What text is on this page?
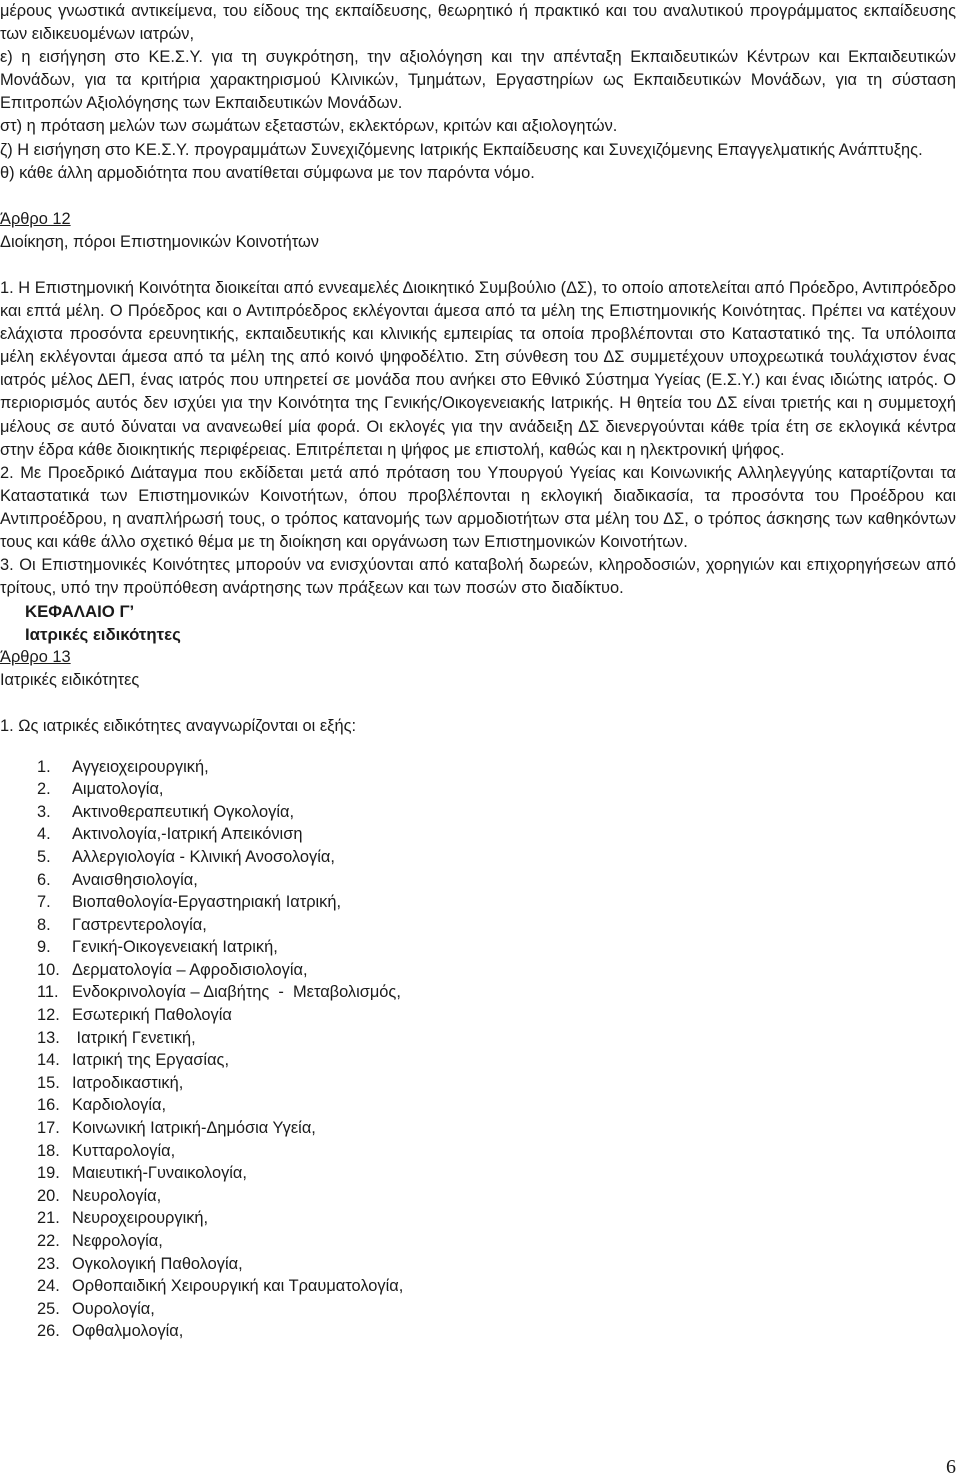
μέρους γνωστικά αντικείμενα, του είδους της εκπαίδευσης, θεωρητικό ή πρακτικό και του αναλυτικού προγράμματος εκπαίδευσης των ειδικευομένων ιατρών,

ε) η εισήγηση στο ΚΕ.Σ.Υ. για τη συγκρότηση, την αξιολόγηση και την απένταξη Εκπαιδευτικών Κέντρων και Εκπαιδευτικών Μονάδων, για τα κριτήρια χαρακτηρισμού Κλινικών, Τμημάτων, Εργαστηρίων ως Εκπαιδευτικών Μονάδων, για τη σύσταση Επιτροπών Αξιολόγησης των Εκπαιδευτικών Μονάδων.

στ) η πρόταση μελών των σωμάτων εξεταστών, εκλεκτόρων, κριτών και αξιολογητών.

ζ) Η εισήγηση στο ΚΕ.Σ.Υ. προγραμμάτων Συνεχιζόμενης Ιατρικής Εκπαίδευσης και Συνεχιζόμενης Επαγγελματικής Ανάπτυξης.

θ) κάθε άλλη αρμοδιότητα που ανατίθεται σύμφωνα με τον παρόντα νόμο.

Άρθρο 12

Διοίκηση, πόροι Επιστημονικών Κοινοτήτων

1. Η Επιστημονική Κοινότητα διοικείται από εννεαμελές Διοικητικό Συμβούλιο (ΔΣ), το οποίο αποτελείται από Πρόεδρο, Αντιπρόεδρο και επτά μέλη. Ο Πρόεδρος και ο Αντιπρόεδρος εκλέγονται άμεσα από τα μέλη της Επιστημονικής Κοινότητας. Πρέπει να κατέχουν ελάχιστα προσόντα ερευνητικής, εκπαιδευτικής και κλινικής εμπειρίας τα οποία προβλέπονται στο Καταστατικό της. Τα υπόλοιπα μέλη εκλέγονται άμεσα από τα μέλη της από κοινό ψηφοδέλτιο. Στη σύνθεση του ΔΣ συμμετέχουν υποχρεωτικά τουλάχιστον ένας ιατρός μέλος ΔΕΠ, ένας ιατρός που υπηρετεί σε μονάδα που ανήκει στο Εθνικό Σύστημα Υγείας (Ε.Σ.Υ.) και ένας ιδιώτης ιατρός. Ο περιορισμός αυτός δεν ισχύει για την Κοινότητα της Γενικής/Οικογενειακής Ιατρικής. Η θητεία του ΔΣ είναι τριετής και η συμμετοχή μέλους σε αυτό δύναται να ανανεωθεί μία φορά. Οι εκλογές για την ανάδειξη ΔΣ διενεργούνται κάθε τρία έτη σε εκλογικά κέντρα στην έδρα κάθε διοικητικής περιφέρειας. Επιτρέπεται η ψήφος με επιστολή, καθώς και η ηλεκτρονική ψήφος.

2. Με Προεδρικό Διάταγμα που εκδίδεται μετά από πρόταση του Υπουργού Υγείας και Κοινωνικής Αλληλεγγύης καταρτίζονται τα Καταστατικά των Επιστημονικών Κοινοτήτων, όπου προβλέπονται η εκλογική διαδικασία, τα προσόντα του Προέδρου και Αντιπροέδρου, η αναπλήρωσή τους, ο τρόπος κατανομής των αρμοδιοτήτων στα μέλη του ΔΣ, ο τρόπος άσκησης των καθηκόντων τους και κάθε άλλο σχετικό θέμα με τη διοίκηση και οργάνωση των Επιστημονικών Κοινοτήτων.

3. Οι Επιστημονικές Κοινότητες μπορούν να ενισχύονται από καταβολή δωρεών, κληροδοσιών, χορηγιών και επιχορηγήσεων από τρίτους, υπό την προϋπόθεση ανάρτησης των πράξεων και των ποσών στο διαδίκτυο.

ΚΕΦΑΛΑΙΟ Γ’

Ιατρικές ειδικότητες

Άρθρο 13

Ιατρικές ειδικότητες

1. Ως ιατρικές ειδικότητες αναγνωρίζονται οι εξής:

1.	Αγγειοχειρουργική,
2.	Αιματολογία,
3.	Ακτινοθεραπευτική Ογκολογία,
4.	Ακτινολογία,-Ιατρική Απεικόνιση
5.	Αλλεργιολογία - Κλινική Ανοσολογία,
6.	Αναισθησιολογία,
7.	Βιοπαθολογία-Εργαστηριακή Ιατρική,
8.	Γαστρεντερολογία,
9.	Γενική-Οικογενειακή Ιατρική,
10. Δερματολογία – Αφροδισιολογία,
11. Ενδοκρινολογία – Διαβήτης  -  Μεταβολισμός,
12. Εσωτερική Παθολογία
13. Ιατρική Γενετική,
14. Ιατρική της Εργασίας,
15. Ιατροδικαστική,
16. Καρδιολογία,
17. Κοινωνική Ιατρική-Δημόσια Υγεία,
18. Κυτταρολογία,
19. Μαιευτική-Γυναικολογία,
20. Νευρολογία,
21. Νευροχειρουργική,
22. Νεφρολογία,
23. Ογκολογική Παθολογία,
24. Ορθοπαιδική Χειρουργική και Τραυματολογία,
25. Ουρολογία,
26. Οφθαλμολογία,
6
